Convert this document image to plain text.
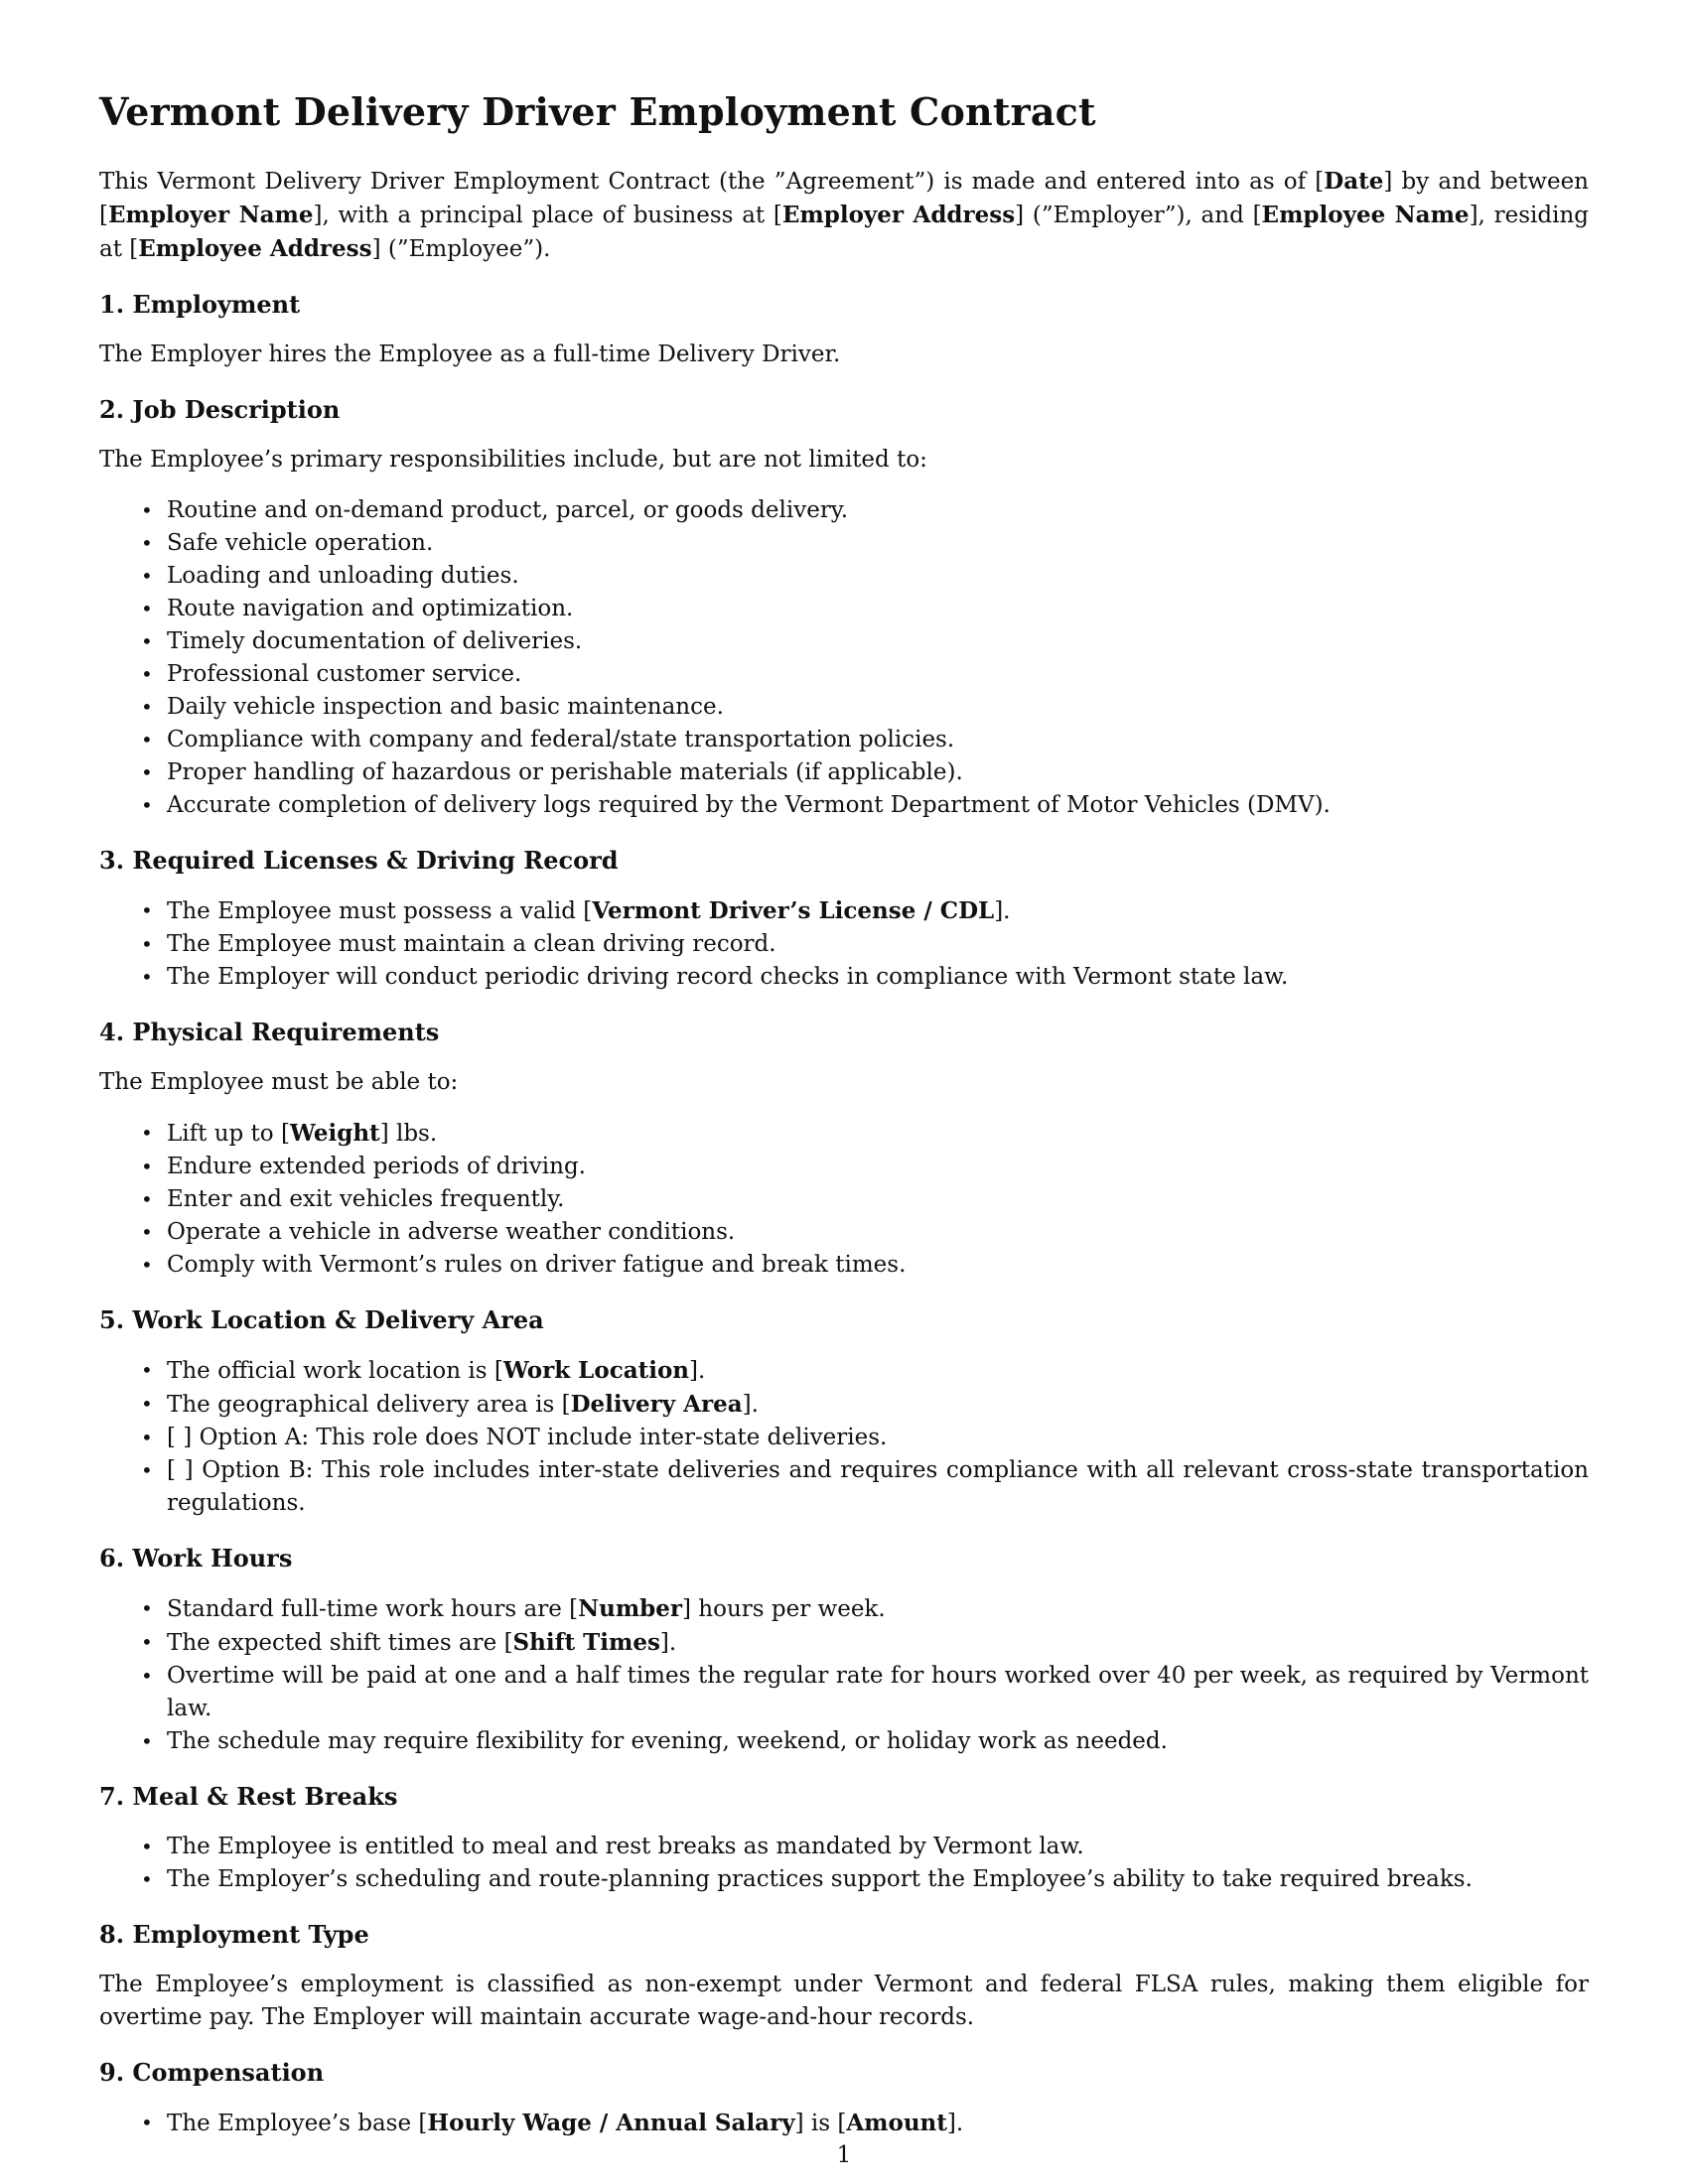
Vermont Delivery Driver Employment Contract

This Vermont Delivery Driver Employment Contract (the ”Agreement”) is made and entered into as of [Date] by and between [Employer Name], with a principal place of business at [Employer Address] (”Employer”), and [Employee Name], residing at [Employee Address] (”Employee”).

1. Employment

The Employer hires the Employee as a full-time Delivery Driver.

2. Job Description

The Employee’s primary responsibilities include, but are not limited to:

• Routine and on-demand product, parcel, or goods delivery.
• Safe vehicle operation.
• Loading and unloading duties.
• Route navigation and optimization.
• Timely documentation of deliveries.
• Professional customer service.
• Daily vehicle inspection and basic maintenance.
• Compliance with company and federal/state transportation policies.
• Proper handling of hazardous or perishable materials (if applicable).
• Accurate completion of delivery logs required by the Vermont Department of Motor Vehicles (DMV).
3. Required Licenses & Driving Record
• The Employee must possess a valid [Vermont Driver’s License / CDL].
• The Employee must maintain a clean driving record.
• The Employer will conduct periodic driving record checks in compliance with Vermont state law.
4. Physical Requirements

The Employee must be able to:

• Lift up to [Weight] lbs.
• Endure extended periods of driving.
• Enter and exit vehicles frequently.
• Operate a vehicle in adverse weather conditions.
• Comply with Vermont’s rules on driver fatigue and break times.
5. Work Location & Delivery Area
• The official work location is [Work Location].
• The geographical delivery area is [Delivery Area].
• [ ] Option A: This role does NOT include inter-state deliveries.
• [ ] Option B: This role includes inter-state deliveries and requires compliance with all relevant cross-state transportation regulations.
6. Work Hours
• Standard full-time work hours are [Number] hours per week.
• The expected shift times are [Shift Times].
• Overtime will be paid at one and a half times the regular rate for hours worked over 40 per week, as required by Vermont law.
• The schedule may require flexibility for evening, weekend, or holiday work as needed.
7. Meal & Rest Breaks
• The Employee is entitled to meal and rest breaks as mandated by Vermont law.
• The Employer’s scheduling and route-planning practices support the Employee’s ability to take required breaks.
8. Employment Type

The Employee’s employment is classified as non-exempt under Vermont and federal FLSA rules, making them eligible for overtime pay. The Employer will maintain accurate wage-and-hour records.

9. Compensation
• The Employee’s base [Hourly Wage / Annual Salary] is [Amount].
1
